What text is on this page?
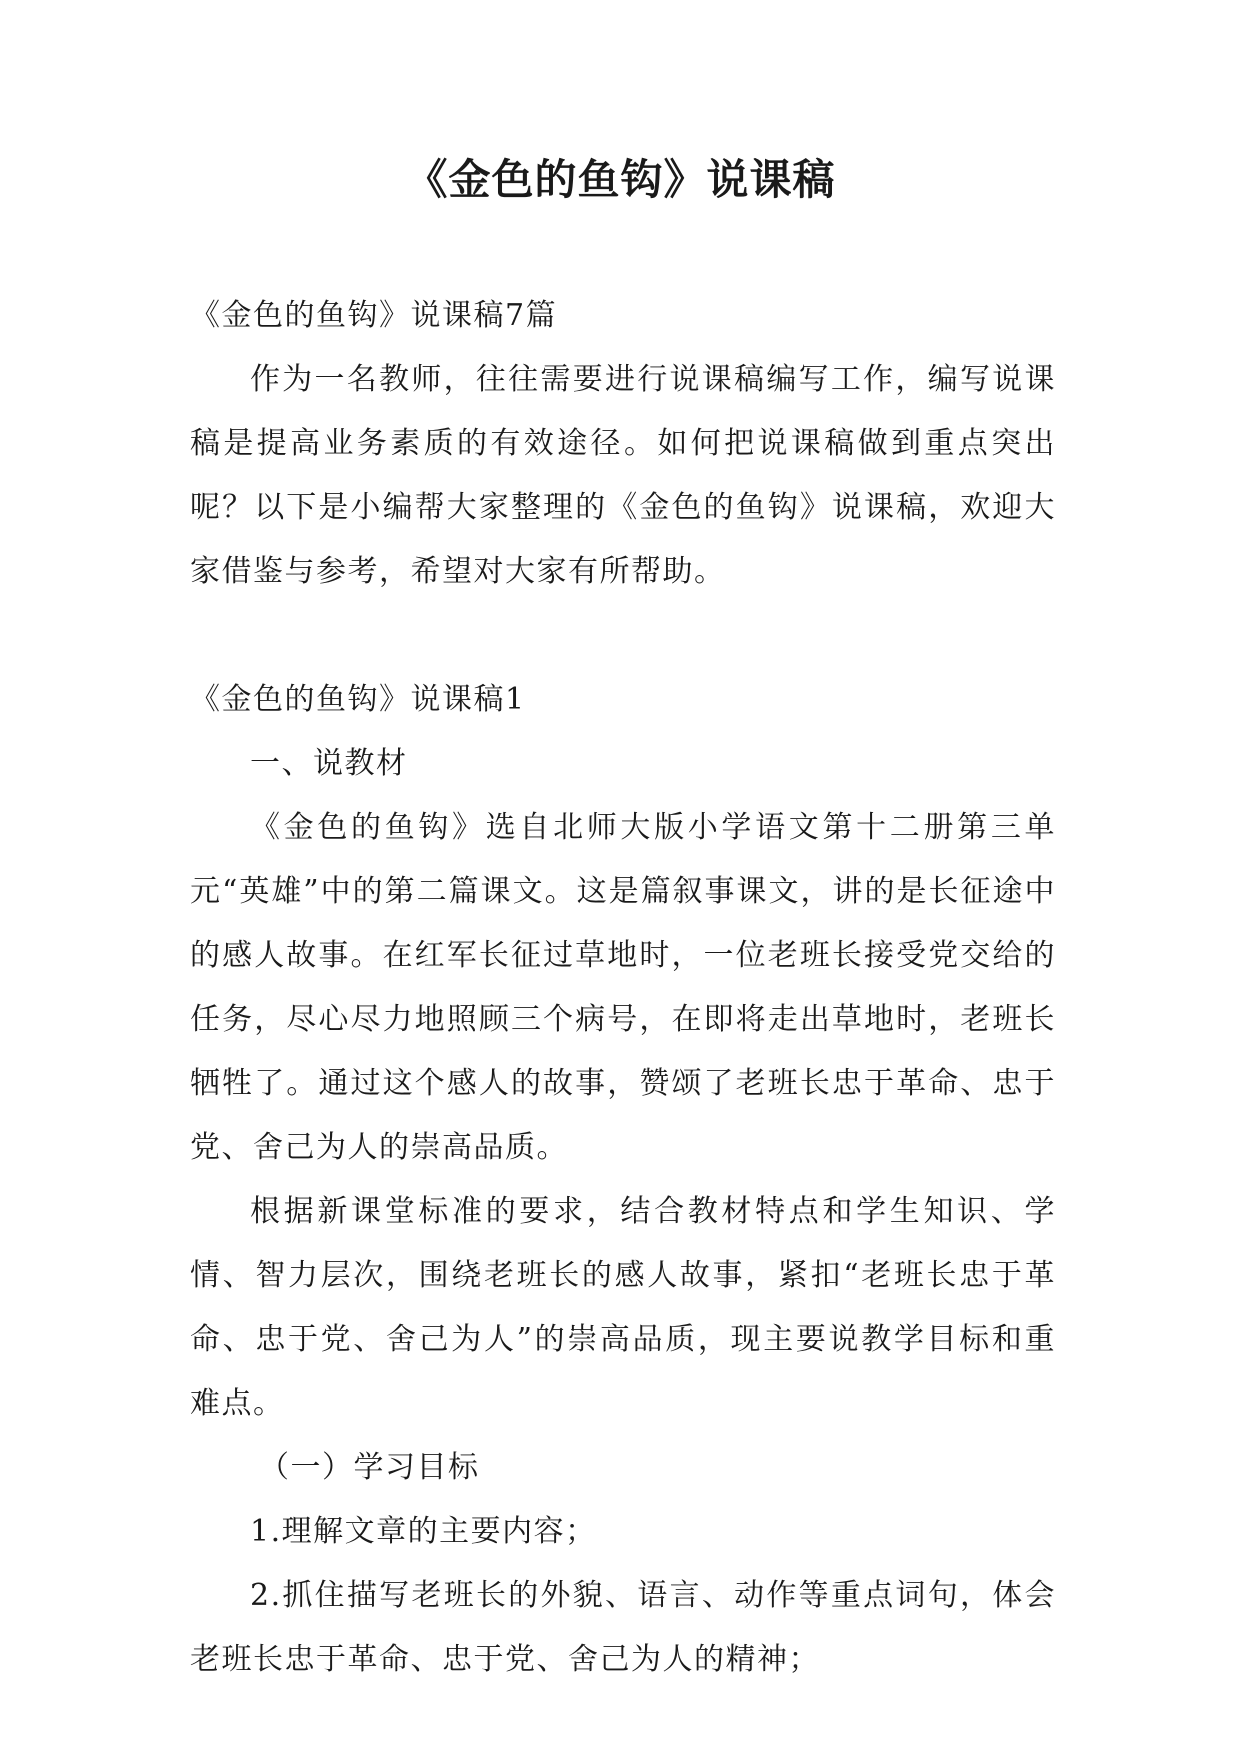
《金色的鱼钩》说课稿

《金色的鱼钩》说课稿7篇

作为一名教师，往往需要进行说课稿编写工作，编写说课稿是提高业务素质的有效途径。如何把说课稿做到重点突出呢？以下是小编帮大家整理的《金色的鱼钩》说课稿，欢迎大家借鉴与参考，希望对大家有所帮助。

《金色的鱼钩》说课稿1

一、说教材

《金色的鱼钩》选自北师大版小学语文第十二册第三单元“英雄”中的第二篇课文。这是篇叙事课文，讲的是长征途中的感人故事。在红军长征过草地时，一位老班长接受党交给的任务，尽心尽力地照顾三个病号，在即将走出草地时，老班长牺牲了。通过这个感人的故事，赞颂了老班长忠于革命、忠于党、舍己为人的崇高品质。

根据新课堂标准的要求，结合教材特点和学生知识、学情、智力层次，围绕老班长的感人故事，紧扣“老班长忠于革命、忠于党、舍己为人”的崇高品质，现主要说教学目标和重难点。

（一）学习目标

1.理解文章的主要内容；

2.抓住描写老班长的外貌、语言、动作等重点词句，体会老班长忠于革命、忠于党、舍己为人的精神；
